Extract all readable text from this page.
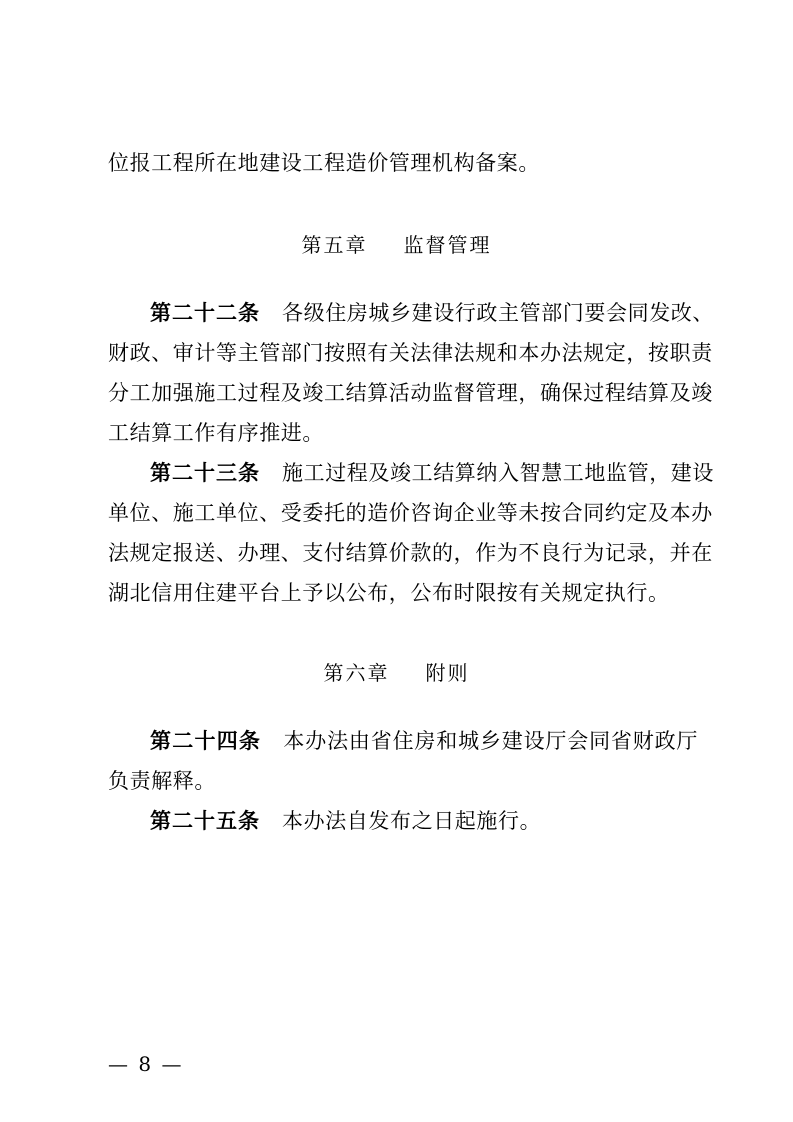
位报工程所在地建设工程造价管理机构备案。
第五章 监督管理
第二十二条 各级住房城乡建设行政主管部门要会同发改、
财政、审计等主管部门按照有关法律法规和本办法规定，按职责
分工加强施工过程及竣工结算活动监督管理，确保过程结算及竣
工结算工作有序推进。
第二十三条 施工过程及竣工结算纳入智慧工地监管，建设
单位、施工单位、受委托的造价咨询企业等未按合同约定及本办
法规定报送、办理、支付结算价款的，作为不良行为记录，并在
湖北信用住建平台上予以公布，公布时限按有关规定执行。
第六章 附则
第二十四条 本办法由省住房和城乡建设厅会同省财政厅
负责解释。
第二十五条 本办法自发布之日起施行。
— 8 —
